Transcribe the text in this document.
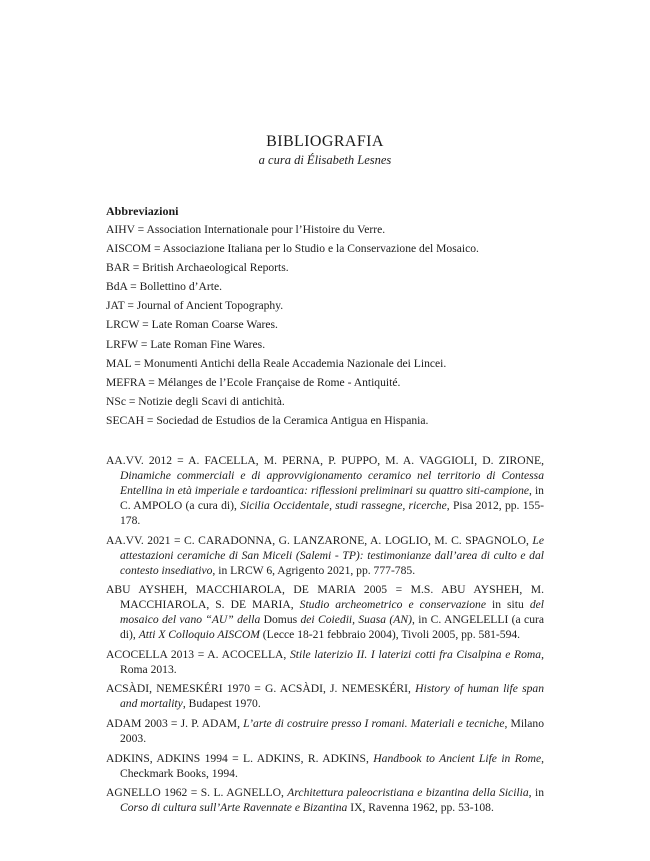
BIBLIOGRAFIA
a cura di Élisabeth Lesnes
Abbreviazioni
AIHV = Association Internationale pour l’Histoire du Verre.
AISCOM = Associazione Italiana per lo Studio e la Conservazione del Mosaico.
BAR = British Archaeological Reports.
BdA = Bollettino d’Arte.
JAT = Journal of Ancient Topography.
LRCW = Late Roman Coarse Wares.
LRFW = Late Roman Fine Wares.
MAL = Monumenti Antichi della Reale Accademia Nazionale dei Lincei.
MEFRA = Mélanges de l’Ecole Française de Rome - Antiquité.
NSc = Notizie degli Scavi di antichità.
SECAH = Sociedad de Estudios de la Ceramica Antigua en Hispania.
AA.VV. 2012 = A. FACELLA, M. PERNA, P. PUPPO, M. A. VAGGIOLI, D. ZIRONE, Dinamiche commerciali e di approvvigionamento ceramico nel territorio di Contessa Entellina in età imperiale e tardoantica: riflessioni preliminari su quattro siti-campione, in C. AMPOLO (a cura di), Sicilia Occidentale, studi rassegne, ricerche, Pisa 2012, pp. 155-178.
AA.VV. 2021 = C. CARADONNA, G. LANZARONE, A. LOGLIO, M. C. SPAGNOLO, Le attestazioni ceramiche di San Miceli (Salemi - TP): testimonianze dall’area di culto e dal contesto insediativo, in LRCW 6, Agrigento 2021, pp. 777-785.
ABU AYSHEH, MACCHIAROLA, DE MARIA 2005 = M.S. ABU AYSHEH, M. MACCHIAROLA, S. DE MARIA, Studio archeometrico e conservazione in situ del mosaico del vano “AU” della Domus dei Coiedii, Suasa (AN), in C. ANGELELLI (a cura di), Atti X Colloquio AISCOM (Lecce 18-21 febbraio 2004), Tivoli 2005, pp. 581-594.
ACOCELLA 2013 = A. ACOCELLA, Stile laterizio II. I laterizi cotti fra Cisalpina e Roma, Roma 2013.
ACSÀDI, NEMESKÉRI 1970 = G. ACSÀDI, J. NEMESKÉRI, History of human life span and mortality, Budapest 1970.
ADAM 2003 = J. P. ADAM, L’arte di costruire presso I romani. Materiali e tecniche, Milano 2003.
ADKINS, ADKINS 1994 = L. ADKINS, R. ADKINS, Handbook to Ancient Life in Rome, Checkmark Books, 1994.
AGNELLO 1962 = S. L. AGNELLO, Architettura paleocristiana e bizantina della Sicilia, in Corso di cultura sull’Arte Ravennate e Bizantina IX, Ravenna 1962, pp. 53-108.
